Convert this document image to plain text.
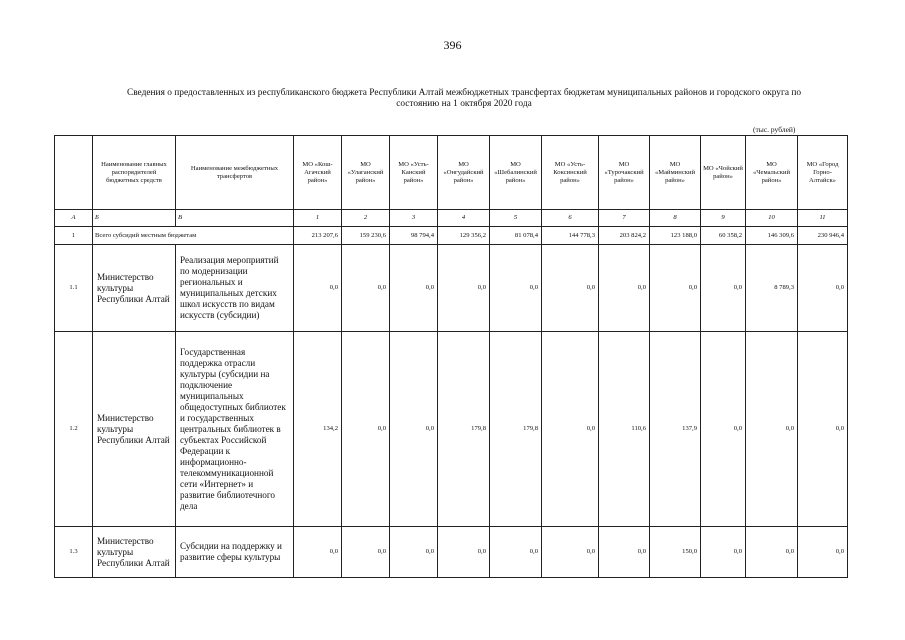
396
Сведения о предоставленных из республиканского бюджета Республики Алтай межбюджетных трансфертах бюджетам муниципальных районов и городского округа по
состоянию на 1 октября 2020 года
(тыс. рублей)
	Наименование главных распорядителей бюджетных средств	Наименование межбюджетных трансфертов	МО «Кош-Агачский район»	МО «Улаганский район»	МО «Усть-Канский район»	МО «Онгудайский район»	МО «Шебалинский район»	МО «Усть-Коксинский район»	МО «Турочакский район»	МО «Майминский район»	МО «Чойский район»	МО «Чемальский район»	МО «Город Горно-Алтайск»
А	Б	В	1	2	3	4	5	6	7	8	9	10	11
1	Всего субсидий местным бюджетам		213 207,6	159 230,6	98 794,4	129 356,2	81 078,4	144 778,3	203 824,2	123 188,0	60 358,2	146 309,6	230 946,4
1.1	Министерство культуры Республики Алтай	Реализация мероприятий по модернизации региональных и муниципальных детских школ искусств по видам искусств (субсидии)	0,0	0,0	0,0	0,0	0,0	0,0	0,0	0,0	0,0	8 789,3	0,0
1.2	Министерство культуры Республики Алтай	Государственная поддержка отрасли культуры (субсидии на подключение муниципальных общедоступных библиотек и государственных центральных библиотек в субъектах Российской Федерации к информационно-телекоммуникационной сети «Интернет» и развитие библиотечного дела	134,2	0,0	0,0	179,8	179,8	0,0	110,6	137,9	0,0	0,0	0,0
1.3	Министерство культуры Республики Алтай	Субсидии на поддержку и развитие сферы культуры	0,0	0,0	0,0	0,0	0,0	0,0	0,0	150,0	0,0	0,0	0,0
